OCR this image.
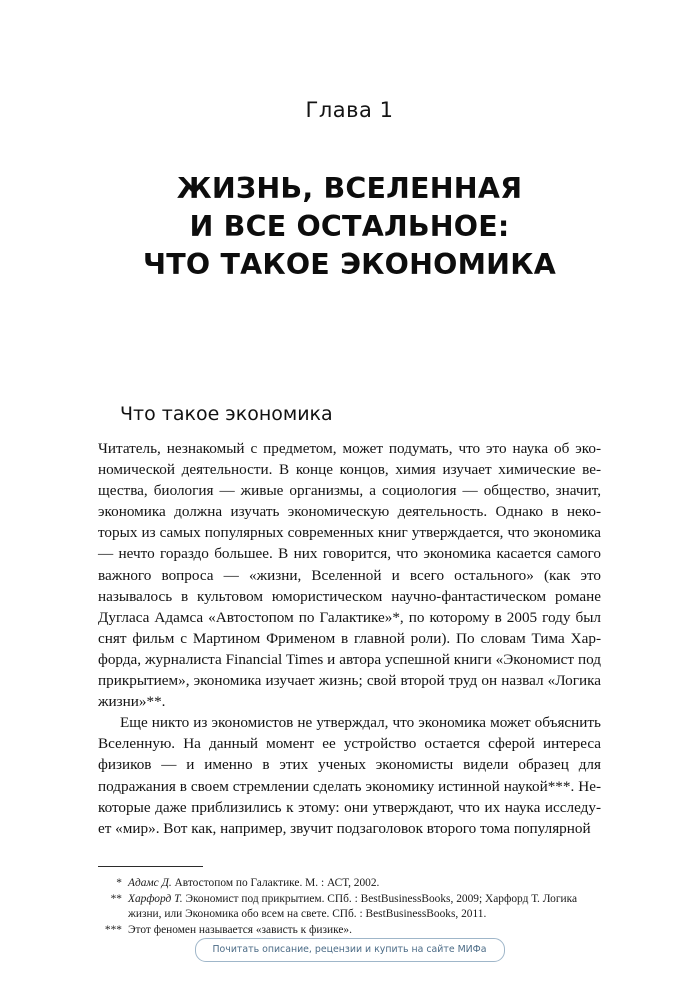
Глава 1
ЖИЗНЬ, ВСЕЛЕННАЯ
И ВСЕ ОСТАЛЬНОЕ:
ЧТО ТАКОЕ ЭКОНОМИКА
Что такое экономика

Читатель, незнакомый с предметом, может подумать, что это наука об экономической деятельности. В конце концов, химия изучает химические вещества, биология — живые организмы, а социология — общество, значит, экономика должна изучать экономическую деятельность. Однако в некоторых из самых популярных современных книг утверждается, что экономика — нечто гораздо большее. В них говорится, что экономика касается самого важного вопроса — «жизни, Вселенной и всего остального» (как это называлось в культовом юмористическом научно-фантастическом романе Дугласа Адамса «Автостопом по Галактике»*, по которому в 2005 году был снят фильм с Мартином Фрименом в главной роли). По словам Тима Харфорда, журналиста Financial Times и автора успешной книги «Экономист под прикрытием», экономика изучает жизнь; свой второй труд он назвал «Логика жизни»**.

Еще никто из экономистов не утверждал, что экономика может объяснить Вселенную. На данный момент ее устройство остается сферой интереса физиков — и именно в этих ученых экономисты видели образец для подражания в своем стремлении сделать экономику истинной наукой***. Некоторые даже приблизились к этому: они утверждают, что их наука исследует «мир». Вот как, например, звучит подзаголовок второго тома популярной

* Адамс Д. Автостопом по Галактике. М. : АСТ, 2002.
** Харфорд Т. Экономист под прикрытием. СПб. : BestBusinessBooks, 2009; Харфорд Т. Логика жизни, или Экономика обо всем на свете. СПб. : BestBusinessBooks, 2011.
*** Этот феномен называется «зависть к физике».
Почитать описание, рецензии и купить на сайте МИФа
